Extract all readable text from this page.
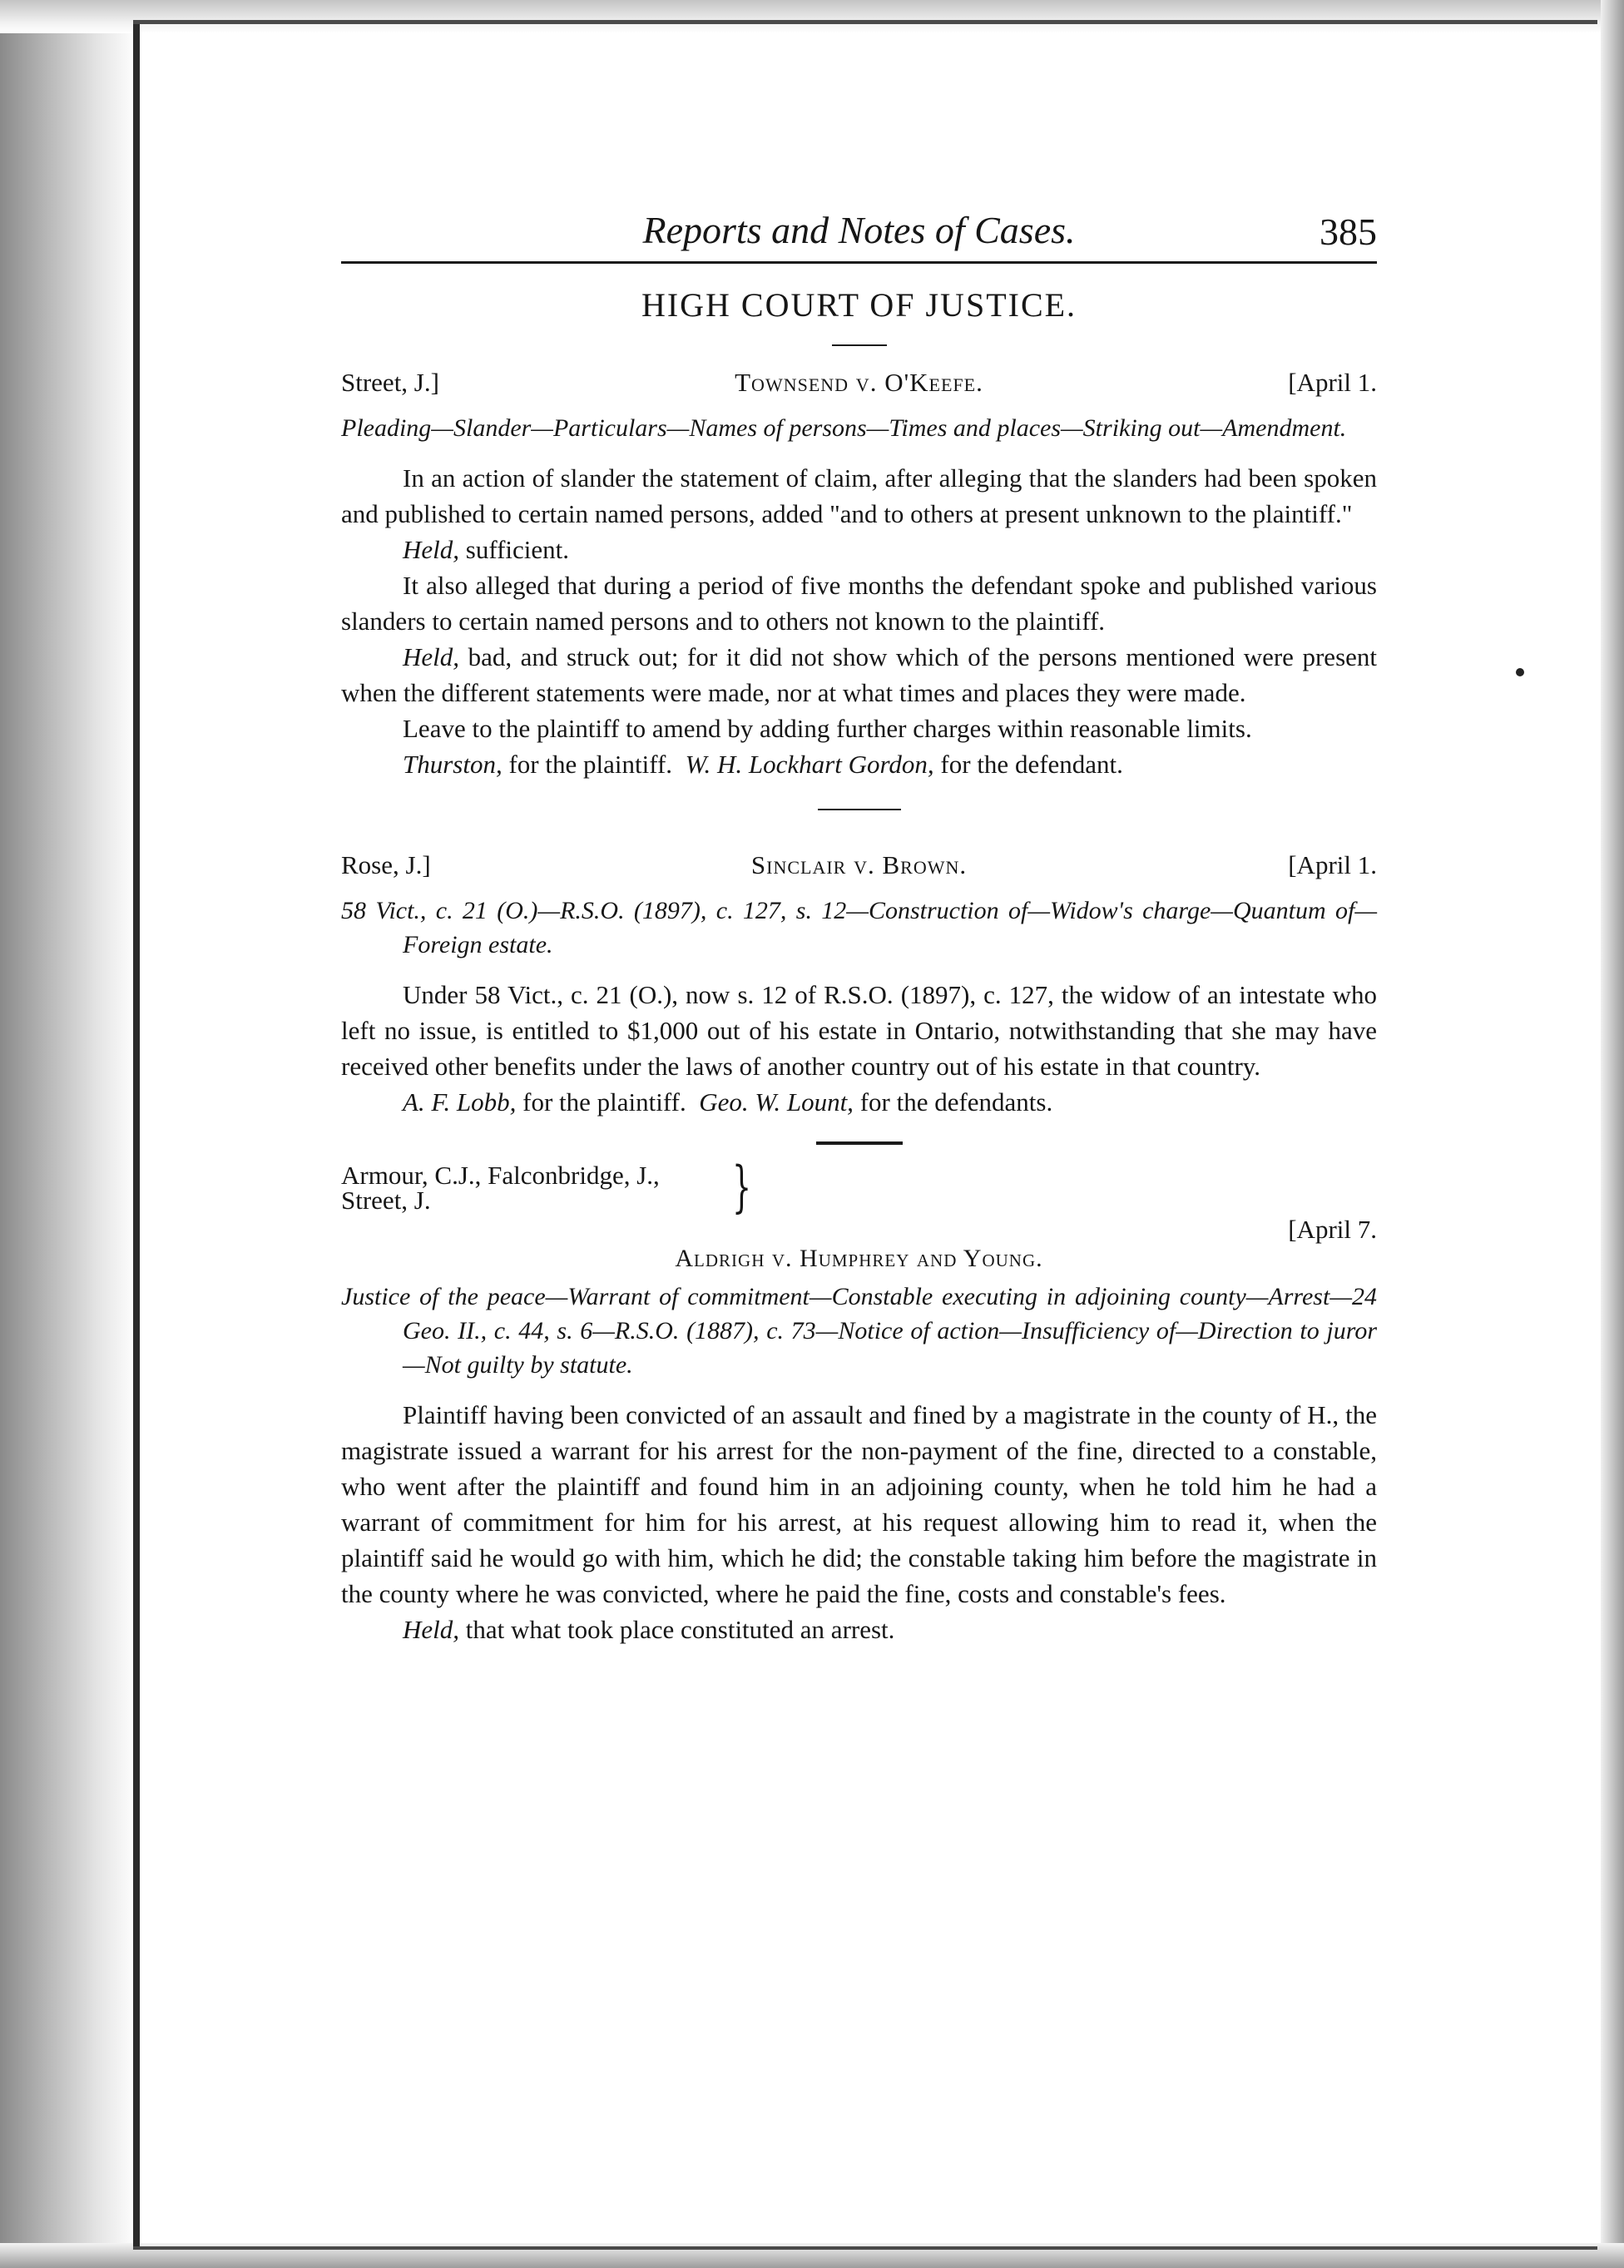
Reports and Notes of Cases.	385
HIGH COURT OF JUSTICE.
Street, J.]	Townsend v. O'Keefe.	[April 1.
Pleading—Slander—Particulars—Names of persons—Times and places—Striking out—Amendment.

In an action of slander the statement of claim, after alleging that the slanders had been spoken and published to certain named persons, added "and to others at present unknown to the plaintiff."

Held, sufficient.

It also alleged that during a period of five months the defendant spoke and published various slanders to certain named persons and to others not known to the plaintiff.

Held, bad, and struck out; for it did not show which of the persons mentioned were present when the different statements were made, nor at what times and places they were made.

Leave to the plaintiff to amend by adding further charges within reasonable limits.

Thurston, for the plaintiff. W. H. Lockhart Gordon, for the defendant.

Rose, J.]	Sinclair v. Brown.	[April 1.
58 Vict., c. 21 (O.)—R.S.O. (1897), c. 127, s. 12—Construction of—Widow's charge—Quantum of—Foreign estate.

Under 58 Vict., c. 21 (O.), now s. 12 of R.S.O. (1897), c. 127, the widow of an intestate who left no issue, is entitled to $1,000 out of his estate in Ontario, notwithstanding that she may have received other benefits under the laws of another country out of his estate in that country.

A. F. Lobb, for the plaintiff. Geo. W. Lount, for the defendants.

Armour, C.J., Falconbridge, J.,
Street, J.	}
[April 7.
Aldrigh v. Humphrey and Young.
Justice of the peace—Warrant of commitment—Constable executing in adjoining county—Arrest—24 Geo. II., c. 44, s. 6—R.S.O. (1887), c. 73—Notice of action—Insufficiency of—Direction to juror—Not guilty by statute.

Plaintiff having been convicted of an assault and fined by a magistrate in the county of H., the magistrate issued a warrant for his arrest for the non-payment of the fine, directed to a constable, who went after the plaintiff and found him in an adjoining county, when he told him he had a warrant of commitment for him for his arrest, at his request allowing him to read it, when the plaintiff said he would go with him, which he did; the constable taking him before the magistrate in the county where he was convicted, where he paid the fine, costs and constable's fees.

Held, that what took place constituted an arrest.
